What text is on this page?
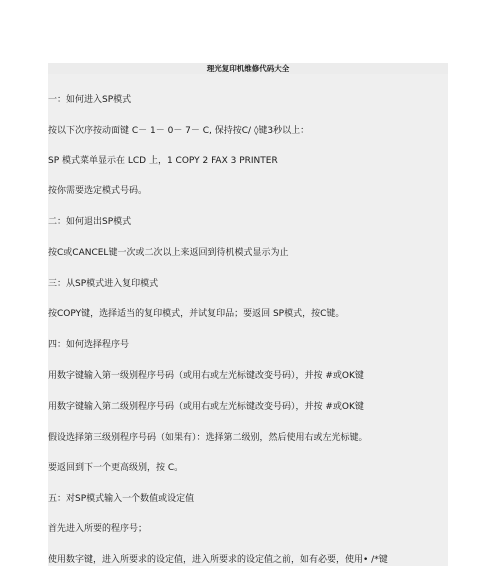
理光复印机维修代码大全
一：如何进入SP模式
按以下次序按动面键 C－ 1－ 0－ 7－ C, 保持按C/ ◊键3秒以上：
SP 模式菜单显示在 LCD 上，1 COPY 2 FAX 3 PRINTER
按你需要选定模式号码。
二：如何退出SP模式
按C或CANCEL键一次或二次以上来返回到待机模式显示为止
三：从SP模式进入复印模式
按COPY键，选择适当的复印模式，并试复印品；要返回 SP模式，按C键。
四：如何选择程序号
用数字键输入第一级别程序号码（或用右或左光标键改变号码），并按 #或OK键
用数字键输入第二级别程序号码（或用右或左光标键改变号码），并按 #或OK键
假设选择第三级别程序号码（如果有）：选择第二级别，然后使用右或左光标键。
要返回到下一个更高级别，按 C。
五：对SP模式输入一个数值或设定值
首先进入所要的程序号；
使用数字键，进入所要求的设定值，进入所要求的设定值之前，如有必要，使用• /*键
